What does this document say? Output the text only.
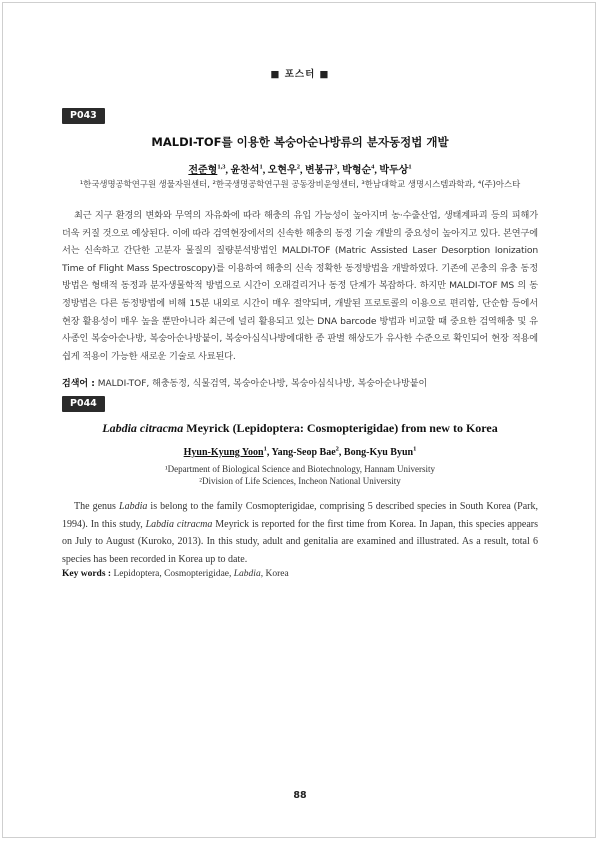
■ 포스터 ■
P043
MALDI-TOF를 이용한 복숭아순나방류의 분자동정법 개발
전준형$^{1,3}$, 윤찬석$^1$, 오현우$^2$, 변봉규$^3$, 박형순$^4$, 박두상$^1$
¹한국생명공학연구원 생물자원센터, ²한국생명공학연구원 공동장비운영센터, ³한남대학교 생명시스템과학과, ⁴(주)아스타
최근 지구 환경의 변화와 무역의 자유화에 따라 해충의 유입 가능성이 높아지며 농·수출산업, 생태계파괴 등의 피해가 더욱 커질 것으로 예상된다. 이에 따라 검역현장에서의 신속한 해충의 동정 기술 개발의 중요성이 높아지고 있다. 본연구에서는 신속하고 간단한 고분자 물질의 질량분석방법인 MALDI-TOF (Matric Assisted Laser Desorption Ionization Time of Flight Mass Spectroscopy)를 이용하여 해충의 신속 정확한 동정방법을 개발하였다. 기존에 곤충의 유충 동정방법은 형태적 동정과 분자생물학적 방법으로 시간이 오래걸리거나 동정 단계가 복잡하다. 하지만 MALDI-TOF MS 의 동정방법은 다른 동정방법에 비해 15분 내외로 시간이 매우 절약되며, 개발된 프로토콜의 이용으로 편리함, 단순함 등에서 현장 활용성이 매우 높을 뿐만아니라 최근에 널리 활용되고 있는 DNA barcode 방법과 비교할 때 중요한 검역해충 및 유사종인 복숭아순나방, 복숭아순나방붙이, 복숭아심식나방에대한 종 판별 해상도가 유사한 수준으로 확인되어 현장 적용에 쉽게 적용이 가능한 새로운 기술로 사료된다.
검색어 : MALDI-TOF, 해충동정, 식물검역, 복숭아순나방, 복숭아심식나방, 복숭아순나방붙이
P044
Labdia citracma Meyrick (Lepidoptera: Cosmopterigidae) from new to Korea
Hyun-Kyung Yoon$^1$, Yang-Seop Bae$^2$, Bong-Kyu Byun$^1$
¹Department of Biological Science and Biotechnology, Hannam University
²Division of Life Sciences, Incheon National University
The genus Labdia is belong to the family Cosmopterigidae, comprising 5 described species in South Korea (Park, 1994). In this study, Labdia citracma Meyrick is reported for the first time from Korea. In Japan, this species appears on July to August (Kuroko, 2013). In this study, adult and genitalia are examined and illustrated. As a result, total 6 species has been recorded in Korea up to date.
Key words : Lepidoptera, Cosmopterigidae, Labdia, Korea
88
